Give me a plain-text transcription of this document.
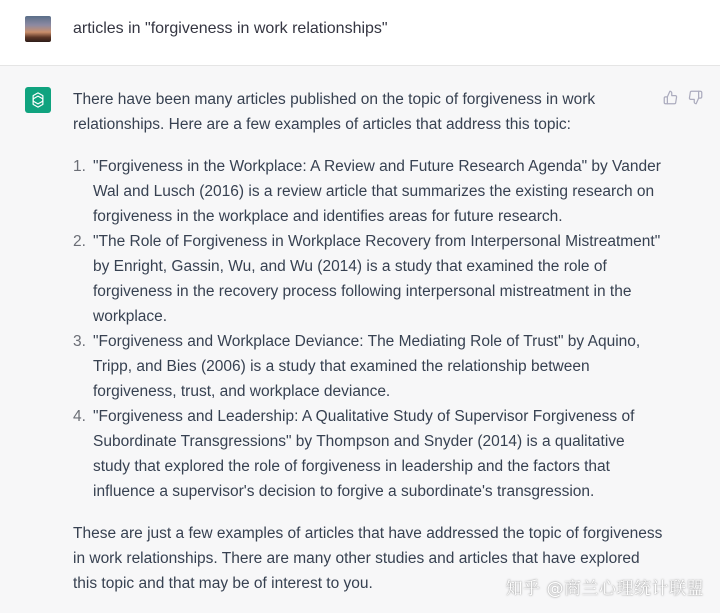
articles in "forgiveness in work relationships"

There have been many articles published on the topic of forgiveness in work relationships. Here are a few examples of articles that address this topic:

1. "Forgiveness in the Workplace: A Review and Future Research Agenda" by Vander Wal and Lusch (2016) is a review article that summarizes the existing research on forgiveness in the workplace and identifies areas for future research.
2. "The Role of Forgiveness in Workplace Recovery from Interpersonal Mistreatment" by Enright, Gassin, Wu, and Wu (2014) is a study that examined the role of forgiveness in the recovery process following interpersonal mistreatment in the workplace.
3. "Forgiveness and Workplace Deviance: The Mediating Role of Trust" by Aquino, Tripp, and Bies (2006) is a study that examined the relationship between forgiveness, trust, and workplace deviance.
4. "Forgiveness and Leadership: A Qualitative Study of Supervisor Forgiveness of Subordinate Transgressions" by Thompson and Snyder (2014) is a qualitative study that explored the role of forgiveness in leadership and the factors that influence a supervisor's decision to forgive a subordinate's transgression.

These are just a few examples of articles that have addressed the topic of forgiveness in work relationships. There are many other studies and articles that have explored this topic and that may be of interest to you.	知乎 @商兰心理统计联盟
